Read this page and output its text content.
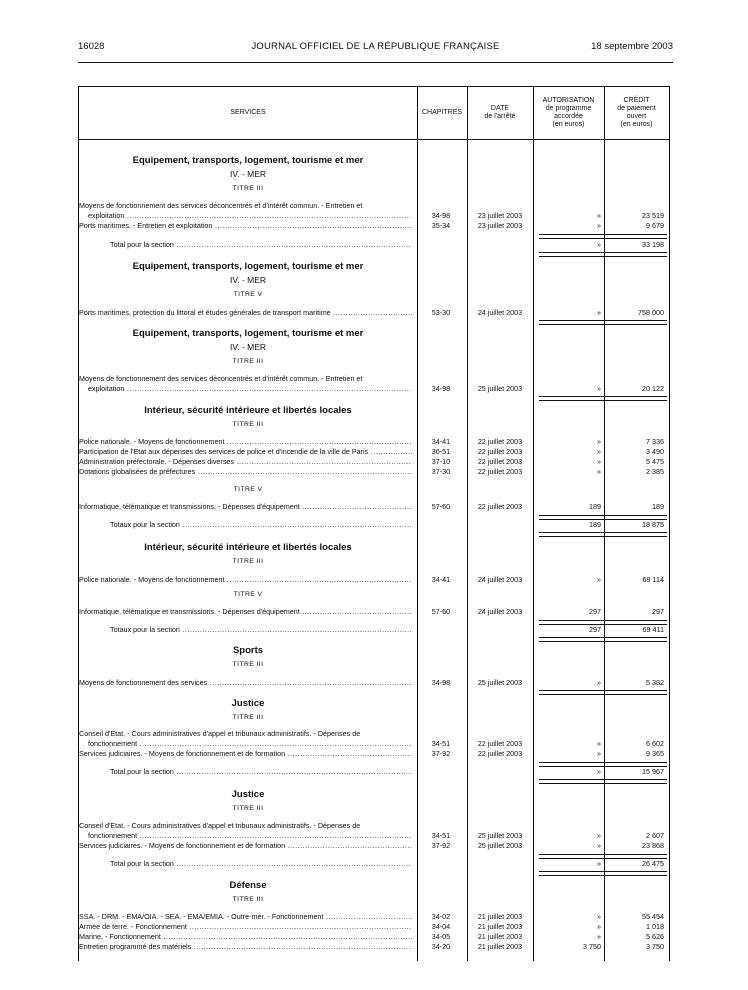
16028	JOURNAL OFFICIEL DE LA RÉPUBLIQUE FRANÇAISE	18 septembre 2003
SERVICES	CHAPITRES
DATE
de l'arrêté
AUTORISATION
de programme
accordée
(en euros)
CRÉDIT
de paiement
ouvert
(en euros)
Equipement, transports, logement, tourisme et mer
IV. - MER
TITRE III
Moyens de fonctionnement des services déconcentrés et d'intérêt commun. - Entretien et
exploitation .....	34-98	23 juillet 2003	»	23 519
Ports maritimes. - Entretien et exploitation .....	35-34	23 juillet 2003	»	9 679
Total pour la section .....	»	33 198
Equipement, transports, logement, tourisme et mer
IV. - MER
TITRE V
Ports maritimes, protection du littoral et études générales de transport maritime .....	53-30	24 juillet 2003	»	758 000
Equipement, transports, logement, tourisme et mer
IV. - MER
TITRE III
Moyens de fonctionnement des services déconcentrés et d'intérêt commun. - Entretien et
exploitation .....	34-98	25 juillet 2003	»	20 122
Intérieur, sécurité intérieure et libertés locales
TITRE III
Police nationale. - Moyens de fonctionnement .....	34-41	22 juillet 2003	»	7 336
Participation de l'Etat aux dépenses des services de police et d'incendie de la ville de Paris .....	36-51	22 juillet 2003	»	3 490
Administration préfectorale. - Dépenses diverses .....	37-10	22 juillet 2003	»	5 475
Dotations globalisées de préfectures .....	37-30	22 juillet 2003	»	2 385
TITRE V
Informatique, télématique et transmissions. - Dépenses d'équipement .....	57-60	22 juillet 2003	189	189
Totaux pour la section .....	189	18 875
Intérieur, sécurité intérieure et libertés locales
TITRE III
Police nationale. - Moyens de fonctionnement .....	34-41	24 juillet 2003	»	69 114
TITRE V
Informatique, télématique et transmissions. - Dépenses d'équipement .....	57-60	24 juillet 2003	297	297
Totaux pour la section .....	297	69 411
Sports
TITRE III
Moyens de fonctionnement des services .....	34-98	25 juillet 2003	»	5 382
Justice
TITRE III
Conseil d'Etat. - Cours administratives d'appel et tribunaux administratifs. - Dépenses de
fonctionnement .....	34-51	22 juillet 2003	»	6 602
Services judiciaires. - Moyens de fonctionnement et de formation .....	37-92	22 juillet 2003	»	9 365
Total pour la section .....	»	15 967
Justice
TITRE III
Conseil d'Etat. - Cours administratives d'appel et tribunaux administratifs. - Dépenses de
fonctionnement .....	34-51	25 juillet 2003	»	2 607
Services judiciaires. - Moyens de fonctionnement et de formation .....	37-92	25 juillet 2003	»	23 868
Total pour la section .....	»	26 475
Défense
TITRE III
SSA. - DRM. - EMA/OIA. - SEA. - EMA/EMIA. - Outre-mer. - Fonctionnement .....	34-02	21 juillet 2003	»	55 454
Armée de terre. - Fonctionnement .....	34-04	21 juillet 2003	»	1 018
Marine. - Fonctionnement .....	34-05	21 juillet 2003	»	5 626
Entretien programmé des matériels .....	34-20	21 juillet 2003	3 750	3 750
